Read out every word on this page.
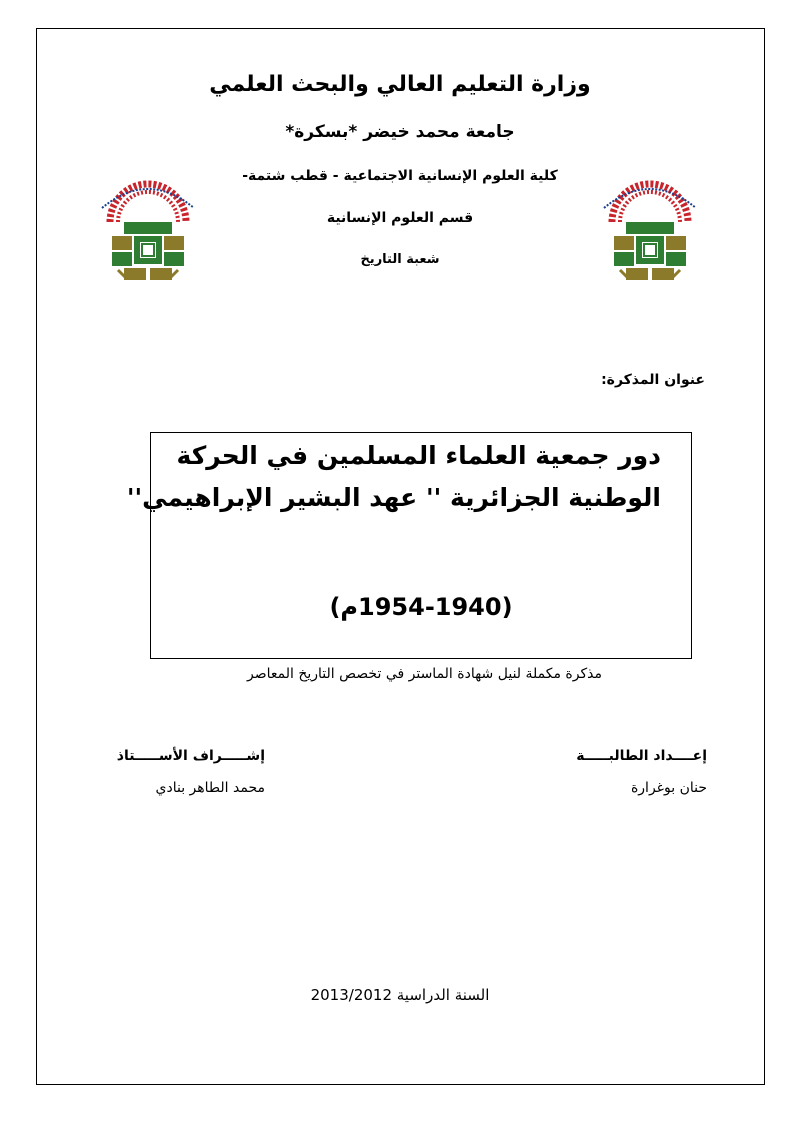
وزارة التعليم العالي والبحث العلمي
جامعة محمد خيضر *بسكرة*
كلية العلوم الإنسانية الاجتماعية - قطب شتمة-
قسم العلوم الإنسانية
شعبة التاريخ
عنوان المذكرة:
دور جمعية العلماء المسلمين في الحركة
الوطنية الجزائرية '' عهد البشير الإبراهيمي''
(1954-1940م)
مذكرة مكملة لنيل شهادة الماستر في تخصص التاريخ المعاصر
إعــــداد الطالبـــــة
حنان بوغرارة
إشـــــراف الأســـــتاذ
محمد الطاهر بنادي
السنة الدراسية 2013/2012
